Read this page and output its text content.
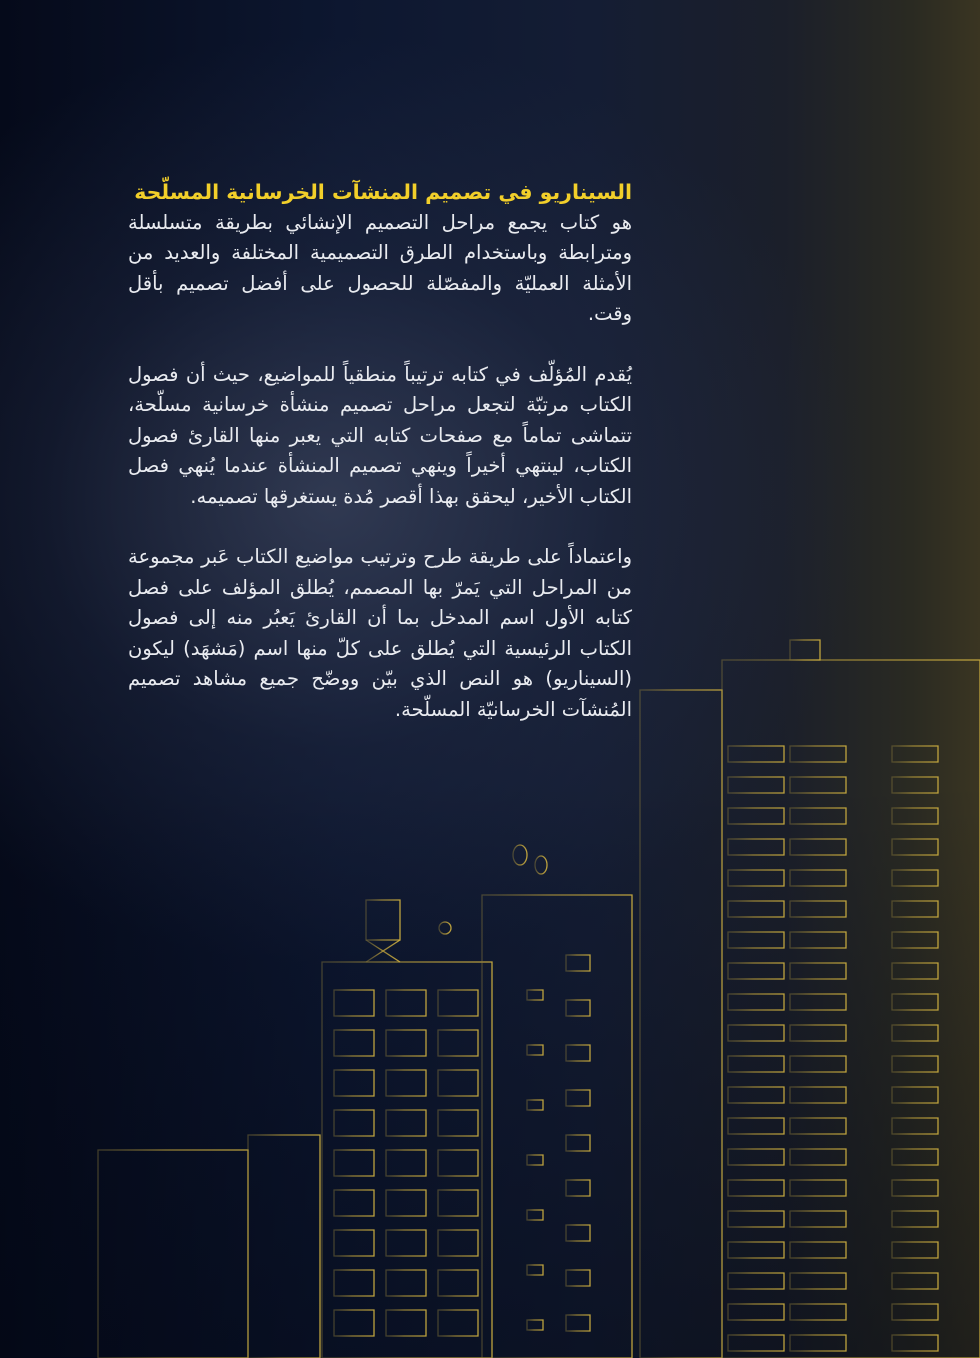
السيناريو في تصميم المنشآت الخرسانية المسلّحة

هو كتاب يجمع مراحل التصميم الإنشائي بطريقة متسلسلة ومترابطة وباستخدام الطرق التصميمية المختلفة والعديد من الأمثلة العمليّة والمفصّلة للحصول على أفضل تصميم بأقل وقت.

يُقدم المُؤلّف في كتابه ترتيباً منطقياً للمواضيع، حيث أن فصول الكتاب مرتبّة لتجعل مراحل تصميم منشأة خرسانية مسلّحة، تتماشى تماماً مع صفحات كتابه التي يعبر منها القارئ فصول الكتاب، لينتهي أخيراً وينهي تصميم المنشأة عندما يُنهي فصل الكتاب الأخير، ليحقق بهذا أقصر مُدة يستغرقها تصميمه.

واعتماداً على طريقة طرح وترتيب مواضيع الكتاب عَبر مجموعة من المراحل التي يَمرّ بها المصمم، يُطلق المؤلف على فصل كتابه الأول اسم المدخل بما أن القارئ يَعبُر منه إلى فصول الكتاب الرئيسية التي يُطلق على كلّ منها اسم (مَشهَد) ليكون (السيناريو) هو النص الذي بيّن ووضّح جميع مشاهد تصميم المُنشآت الخرسانيّة المسلّحة.
